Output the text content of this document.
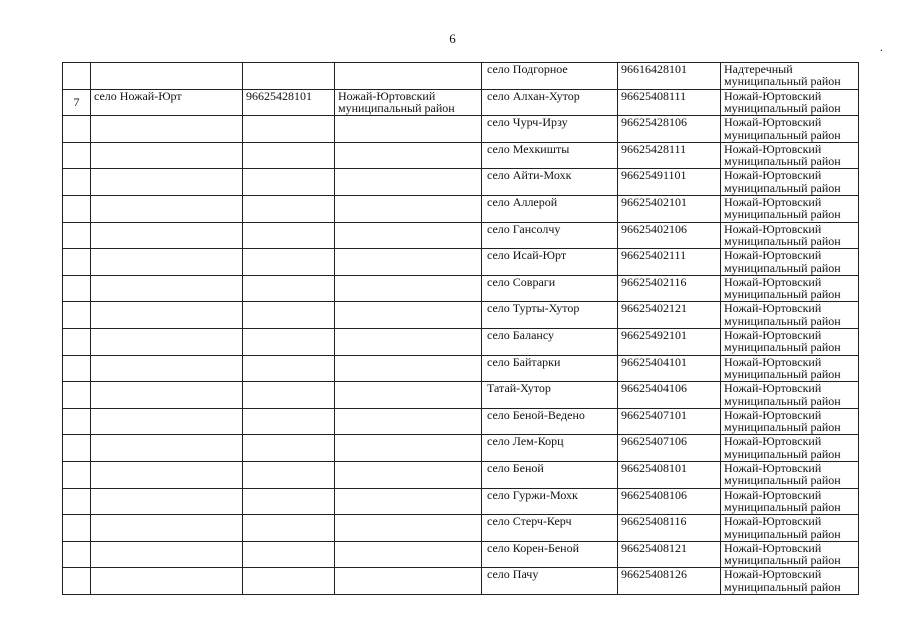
6
.
				село Подгорное	96616428101	Надтеречный муниципальный район
7	село Ножай-Юрт	96625428101	Ножай-Юртовский муниципальный район	село Алхан-Хутор	96625408111	Ножай-Юртовский муниципальный район
				село Чурч-Ирзу	96625428106	Ножай-Юртовский муниципальный район
				село Мехкишты	96625428111	Ножай-Юртовский муниципальный район
				село Айти-Мохк	96625491101	Ножай-Юртовский муниципальный район
				село Аллерой	96625402101	Ножай-Юртовский муниципальный район
				село Гансолчу	96625402106	Ножай-Юртовский муниципальный район
				село Исай-Юрт	96625402111	Ножай-Юртовский муниципальный район
				село Совраги	96625402116	Ножай-Юртовский муниципальный район
				село Турты-Хутор	96625402121	Ножай-Юртовский муниципальный район
				село Балансу	96625492101	Ножай-Юртовский муниципальный район
				село Байтарки	96625404101	Ножай-Юртовский муниципальный район
				Татай-Хутор	96625404106	Ножай-Юртовский муниципальный район
				село Беной-Ведено	96625407101	Ножай-Юртовский муниципальный район
				село Лем-Корц	96625407106	Ножай-Юртовский муниципальный район
				село Беной	96625408101	Ножай-Юртовский муниципальный район
				село Гуржи-Мохк	96625408106	Ножай-Юртовский муниципальный район
				село Стерч-Керч	96625408116	Ножай-Юртовский муниципальный район
				село Корен-Беной	96625408121	Ножай-Юртовский муниципальный район
				село Пачу	96625408126	Ножай-Юртовский муниципальный район
